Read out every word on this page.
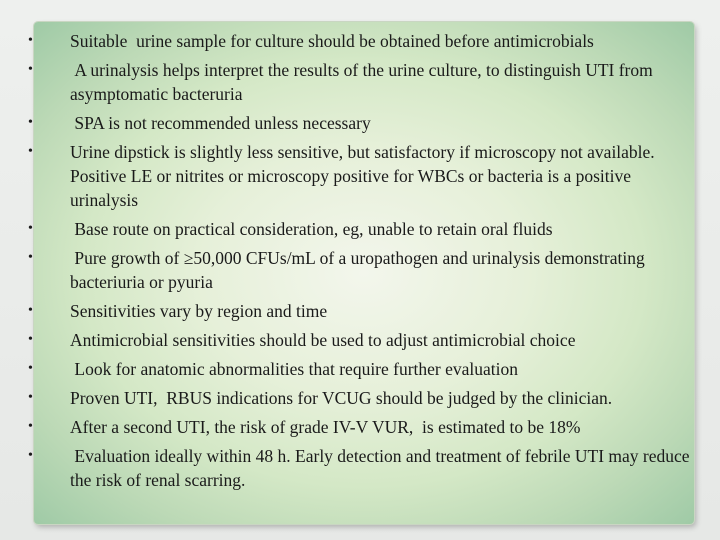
•	Suitable  urine sample for culture should be obtained before antimicrobials
•	A urinalysis helps interpret the results of the urine culture, to distinguish UTI from asymptomatic bacteruria
•	SPA is not recommended unless necessary
•	Urine dipstick is slightly less sensitive, but satisfactory if microscopy not available. Positive LE or nitrites or microscopy positive for WBCs or bacteria is a positive urinalysis
•	Base route on practical consideration, eg, unable to retain oral fluids
•	Pure growth of ≥50,000 CFUs/mL of a uropathogen and urinalysis demonstrating bacteriuria or pyuria
•	Sensitivities vary by region and time
•	Antimicrobial sensitivities should be used to adjust antimicrobial choice
•	Look for anatomic abnormalities that require further evaluation
•	Proven UTI,  RBUS indications for VCUG should be judged by the clinician.
•	After a second UTI, the risk of grade IV-V VUR,  is estimated to be 18%
•	Evaluation ideally within 48 h. Early detection and treatment of febrile UTI may reduce the risk of renal scarring.
